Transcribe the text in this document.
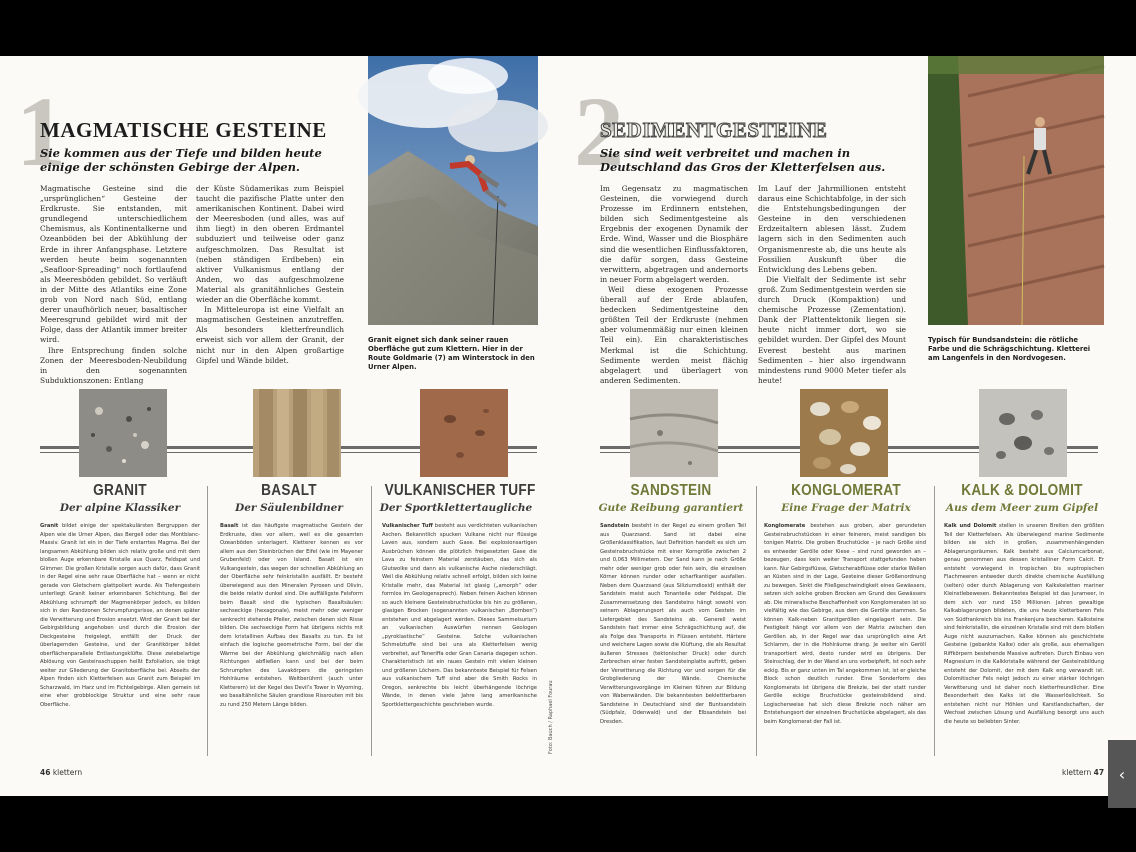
1
MAGMATISCHE GESTEINE
Sie kommen aus der Tiefe und bilden heute einige der schönsten Gebirge der Alpen.

Magmatische Gesteine sind die „ursprünglichen“ Gesteine der Erdkruste. Sie entstanden, mit grundlegend unterschiedlichem Chemismus, als Kontinentalkerne und Ozeanböden bei der Abkühlung der Erde in ihrer Anfangsphase. Letztere werden heute beim sogenannten „Seafloor-Spreading“ noch fortlaufend als Meeresböden gebildet. So verläuft in der Mitte des Atlantiks eine Zone grob von Nord nach Süd, entlang derer unaufhörlich neuer, basaltischer Meeresgrund gebildet wird mit der Folge, dass der Atlantik immer breiter wird.

Ihre Entsprechung finden solche Zonen der Meeresboden-Neubildung in den sogenannten Subduktionszonen: Entlang

der Küste Südamerikas zum Beispiel taucht die pazifische Platte unter den amerikanischen Kontinent. Dabei wird der Meeresboden (und alles, was auf ihm liegt) in den oberen Erdmantel subduziert und teilweise oder ganz aufgeschmolzen. Das Resultat ist (neben ständigen Erdbeben) ein aktiver Vulkanismus entlang der Anden, wo das aufgeschmolzene Material als granitähnliches Gestein wieder an die Oberfläche kommt.

In Mitteleuropa ist eine Vielfalt an magmatischen Gesteinen anzutreffen. Als besonders kletterfreundlich erweist sich vor allem der Granit, der nicht nur in den Alpen großartige Gipfel und Wände bildet.

Granit eignet sich dank seiner rauen Oberfläche gut zum Klettern. Hier in der Route Goldmarie (7) am Winterstock in den Urner Alpen.
GRANIT
Der alpine Klassiker
BASALT
Der Säulenbildner
VULKANISCHER TUFF
Der Sportklettertaugliche
Granit bildet einige der spektakulärsten Bergruppen der Alpen wie die Urner Alpen, das Bergell oder das Montblanc-Massiv. Granit ist ein in der Tiefe erstarrtes Magma. Bei der langsamen Abkühlung bilden sich relativ große und mit dem bloßen Auge erkennbare Kristalle aus Quarz, Feldspat und Glimmer. Die großen Kristalle sorgen auch dafür, dass Granit in der Regel eine sehr raue Oberfläche hat – wenn er nicht gerade von Gletschern glattpoliert wurde. Als Tiefengestein unterliegt Granit keiner erkennbaren Schichtung. Bei der Abkühlung schrumpft der Magmenkörper jedoch, es bilden sich in den Randzonen Schrumpfungsrisse, an denen später die Verwitterung und Erosion ansetzt. Wird der Granit bei der Gebirgsbildung angehoben und durch die Erosion der Deckgesteine freigelegt, entfällt der Druck der überlagernden Gesteine, und der Granitkörper bildet oberflächenparallele Entlastungsklüfte. Diese zwiebelartige Ablösung von Gesteinsschuppen heißt Exfoliation, sie trägt weiter zur Gliederung der Granitoberfläche bei. Abseits der Alpen finden sich Kletterfelsen aus Granit zum Beispiel im Scharzwald, im Harz und im Fichtelgebirge. Allen gemein ist eine eher grobblockige Struktur und eine sehr raue Oberfläche.
Basalt ist das häufigste magmatische Gestein der Erdkruste, dies vor allem, weil es die gesamten Ozeanböden unterlagert. Kletterer kennen es vor allem aus den Steinbrüchen der Eifel (wie im Mayener Grubenfeld) oder von Island. Basalt ist ein Vulkangestein, das wegen der schnellen Abkühlung an der Oberfläche sehr feinkristallin ausfällt. Er besteht überwiegend aus den Mineralen Pyroxen und Olivin, die beide relativ dunkel sind. Die auffälligste Felsform beim Basalt sind die typischen Basaltsäulen: sechseckige (hexagonale), meist mehr oder weniger senkrecht stehende Pfeiler, zwischen denen sich Risse bilden. Die sechseckige Form hat übrigens nichts mit dem kristallinen Aufbau des Basalts zu tun. Es ist einfach die logische geometrische Form, bei der die Wärme bei der Abkühlung gleichmäßig nach allen Richtungen abfließen kann und bei der beim Schrumpfen des Lavakörpers die geringsten Hohlräume entstehen. Weltberühmt (auch unter Kletterern) ist der Kegel des Devil’s Tower in Wyoming, wo basaltähnliche Säulen grandiose Rissrouten mit bis zu rund 250 Metern Länge bilden.
Vulkanischer Tuff besteht aus verdichteten vulkanischen Aschen. Bekanntlich spucken Vulkane nicht nur flüssige Laven aus, sondern auch Gase. Bei explosionsartigen Ausbrüchen können die plötzlich freigesetzten Gase die Lava zu feinstem Material zerstäuben, das sich als Glutwolke und dann als vulkanische Asche niederschlägt. Weil die Abkühlung relativ schnell erfolgt, bilden sich keine Kristalle mehr, das Material ist glasig („amorph“ oder formlos im Geologensprech). Neben feinen Aschen können so auch kleinere Gesteinsbruchstücke bis hin zu größeren, glasigen Brocken (sogenannten vulkanischen „Bomben“) entstehen und abgelagert werden. Dieses Sammelsurium an vulkanischen Auswürfen nennen Geologen „pyroklastische“ Gesteine. Solche vulkanischen Schmelztuffe sind bei uns als Kletterfelsen wenig verbreitet, auf Teneriffa oder Gran Canaria dagegen schon. Charakteristisch ist ein raues Gestein mit vielen kleinen und größeren Löchern. Das bekannteste Beispiel für Felsen aus vulkanischem Tuff sind aber die Smith Rocks in Oregon, senkrechte bis leicht überhängende löchrige Wände, in denen viele Jahre lang amerikanische Sportklettergeschichte geschrieben wurde.	Foto: Bauch / Raphael Fourau
46 klettern
2
SEDIMENTGESTEINE
Sie sind weit verbreitet und machen in Deutschland das Gros der Kletterfelsen aus.

Im Gegensatz zu magmatischen Gesteinen, die vorwiegend durch Prozesse im Erdinnern entstehen, bilden sich Sedimentgesteine als Ergebnis der exogenen Dynamik der Erde. Wind, Wasser und die Biosphäre sind die wesentlichen Einflussfaktoren, die dafür sorgen, dass Gesteine verwittern, abgetragen und andernorts in neuer Form abgelagert werden.

Weil diese exogenen Prozesse überall auf der Erde ablaufen, bedecken Sedimentgesteine den größten Teil der Erdkruste (nehmen aber volumenmäßig nur einen kleinen Teil ein). Ein charakteristisches Merkmal ist die Schichtung. Sedimente werden meist flächig abgelagert und überlagert von anderen Sedimenten.

Im Lauf der Jahrmillionen entsteht daraus eine Schichtabfolge, in der sich die Entstehungsbedingungen der Gesteine in den verschiedenen Erdzeitaltern ablesen lässt. Zudem lagern sich in den Sedimenten auch Organismenreste ab, die uns heute als Fossilien Auskunft über die Entwicklung des Lebens geben.

Die Vielfalt der Sedimente ist sehr groß. Zum Sedimentgestein werden sie durch Druck (Kompaktion) und chemische Prozesse (Zementation). Dank der Plattentektonik liegen sie heute nicht immer dort, wo sie gebildet wurden. Der Gipfel des Mount Everest besteht aus marinen Sedimenten – hier also irgendwann mindestens rund 9000 Meter tiefer als heute!

Typisch für Bundsandstein: die rötliche Farbe und die Schrägschichtung. Kletterei am Langenfels in den Nordvogesen.
SANDSTEIN
Gute Reibung garantiert
KONGLOMERAT
Eine Frage der Matrix
KALK & DOLOMIT
Aus dem Meer zum Gipfel
Sandstein besteht in der Regel zu einem großen Teil aus Quarzsand. Sand ist dabei eine Größenklassifikation, laut Definition handelt es sich um Gesteinsbruchstücke mit einer Korngröße zwischen 2 und 0,063 Millimetern. Der Sand kann je nach Größe mehr oder weniger grob oder fein sein, die einzelnen Körner können runder oder scharfkantiger ausfallen. Neben dem Quarzsand (aus Siliziumdioxid) enthält der Sandstein meist auch Tonanteile oder Feldspat. Die Zusammensetzung des Sandsteins hängt sowohl von seinem Ablagerungsort als auch vom Gestein im Liefergebiet des Sandsteins ab. Generell weist Sandstein fast immer eine Schrägschichtung auf, die als Folge des Transports in Flüssen entsteht. Härtere und weichere Lagen sowie die Klüftung, die als Resultat äußeren Stresses (tektonischer Druck) oder durch Zerbrechen einer festen Sandsteinplatte auftritt, geben der Verwitterung die Richtung vor und sorgen für die Grobgliederung der Wände. Chemische Verwitterungsvorgänge im Kleinen führen zur Bildung von Wabenwänden. Die bekanntesten beklettterbaren Sandsteine in Deutschland sind der Buntsandstein (Südpfalz, Odenwald) und der Elbsandstein bei Dresden.
Konglomerate bestehen aus groben, aber gerundeten Gesteinsbruchstücken in einer feineren, meist sandigen bis tonigen Matrix. Die groben Bruchstücke – je nach Größe sind es entweder Gerölle oder Kiese – sind rund geworden an – bezeugen, dass kein weiter Transport stattgefunden haben kann. Nur Gebirgsflüsse, Gletscherabflüsse oder starke Wellen an Küsten sind in der Lage, Gesteine dieser Größenordnung zu bewegen. Sinkt die Fließgeschwindigkeit eines Gewässers, setzen sich solche groben Brocken am Grund des Gewässers ab. Die mineralische Beschaffenheit von Konglomeraten ist so vielfältig wie das Gebirge, aus dem die Gerölle stammen. So können Kalk-neben Granitgeröllen eingelagert sein. Die Festigkeit hängt vor allem von der Matrix zwischen den Geröllen ab, in der Regel war das ursprünglich eine Art Schlamm, der in die Hohlräume drang. Je weiter ein Geröll transportiert wird, desto runder wird es übrigens. Der Steinschlag, der in der Wand an uns vorbeipfeift, ist noch sehr eckig. Bis er ganz unten im Tal angekommen ist, ist er gleiche Block schon deutlich runder. Eine Sonderform des Konglomerats ist übrigens die Brekzie, bei der statt runder Gerölle eckige Bruchstücke gesteinsbildend sind. Logischerweise hat sich diese Brekzie noch näher am Entstehungsort der einzelnen Bruchstücke abgelagert, als das beim Konglomerat der Fall ist.
Kalk und Dolomit stellen in unseren Breiten den größten Teil der Kletterfelsen. Als überwiegend marine Sedimente bilden sie sich in großen, zusammenhängenden Ablagerungsräumen. Kalk besteht aus Calciumcarbonat, genau genommen aus dessen kristalliner Form Calcit. Er entsteht vorwiegend in tropischen bis suptropischen Flachmeeren entweder durch direkte chemische Ausfällung (selten) oder durch Ablagerung von Kalkskeletten mariner Kleinstlebewesen. Bekanntestes Beispiel ist das Jurameer, in dem sich vor rund 150 Millionen Jahren gewaltige Kalkablagerungen bildeten, die uns heute kletterbaren Fels von Südfrankreich bis ins Frankenjura bescheren. Kalksteine sind feinkristallin, die einzelnen Kristalle sind mit dem bloßen Auge nicht auszumachen. Kalke können als geschichtete Gesteine (gebankte Kalke) oder als große, aus ehemaligen Riffkörpern bestehende Massive auftreten. Durch Einbau von Magnesium in die Kalkkristalle während der Gesteinsbildung entsteht der Dolomit, der mit dem Kalk eng verwandt ist. Dolomitischer Fels neigt jedoch zu einer stärker löchrigen Verwitterung und ist daher noch kletterfreundlicher. Eine Besonderheit des Kalks ist die Wasserlöslichkeit. So entstehen nicht nur Höhlen und Karstlandschaften, der Wechsel zwischen Lösung und Ausfällung besorgt uns auch die heute so beliebten Sinter.
klettern 47 ‹
